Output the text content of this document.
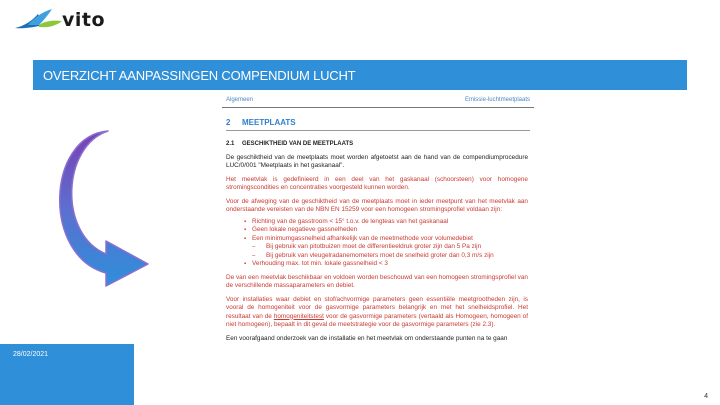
vito
OVERZICHT AANPASSINGEN COMPENDIUM LUCHT
Algemeen	Emissie-luchtmeetplaats
2 MEETPLAATS
2.1 GESCHIKTHEID VAN DE MEETPLAATS

De geschiktheid van de meetplaats moet worden afgetoetst aan de hand van de compendiumprocedure LUC/0/001 "Meetplaats in het gaskanaal".

Het meetvlak is gedefinieerd in een deel van het gaskanaal (schoorsteen) voor homogene stromingscondities en concentraties voorgesteld kunnen worden.

Voor de afweging van de geschiktheid van de meetplaats moet in ieder meetpunt van het meetvlak aan onderstaande vereisten van de NBN EN 15259 voor een homogeen stromingsprofiel voldaan zijn:

▪ Richting van de gasstroom < 15° t.o.v. de lengteas van het gaskanaal
▪ Geen lokale negatieve gassnelheden
▪ Een minimumgassnelheid afhankelijk van de meetmethode voor volumedebiet
– Bij gebruik van pitotbuizen moet de differentieeldruk groter zijn dan 5 Pa zijn
– Bij gebruik van vleugelradanemometers moet de snelheid groter dan 0,3 m/s zijn
▪ Verhouding max. tot min. lokale gassnelheid < 3

De van een meetvlak beschikbaar en voldoen worden beschouwd van een homogeen stromingsprofiel van de verschillende massaparameters en debiet.

Voor installaties waar debiet en stof/achvormige parameters geen essentiële meetgrootheden zijn, is vooral de homogeniteit voor de gasvormige parameters belangrijk en met het snelheidsprofiel. Het resultaat van de homogeniteitstest voor de gasvormige parameters (vertaald als Homogeen, homogeen of niet homogeen), bepaalt in dit geval de meetstrategie voor de gasvormige parameters (zie 2.3).

Een voorafgaand onderzoek van de installatie en het meetvlak om onderstaande punten na te gaan

28/02/2021
4
